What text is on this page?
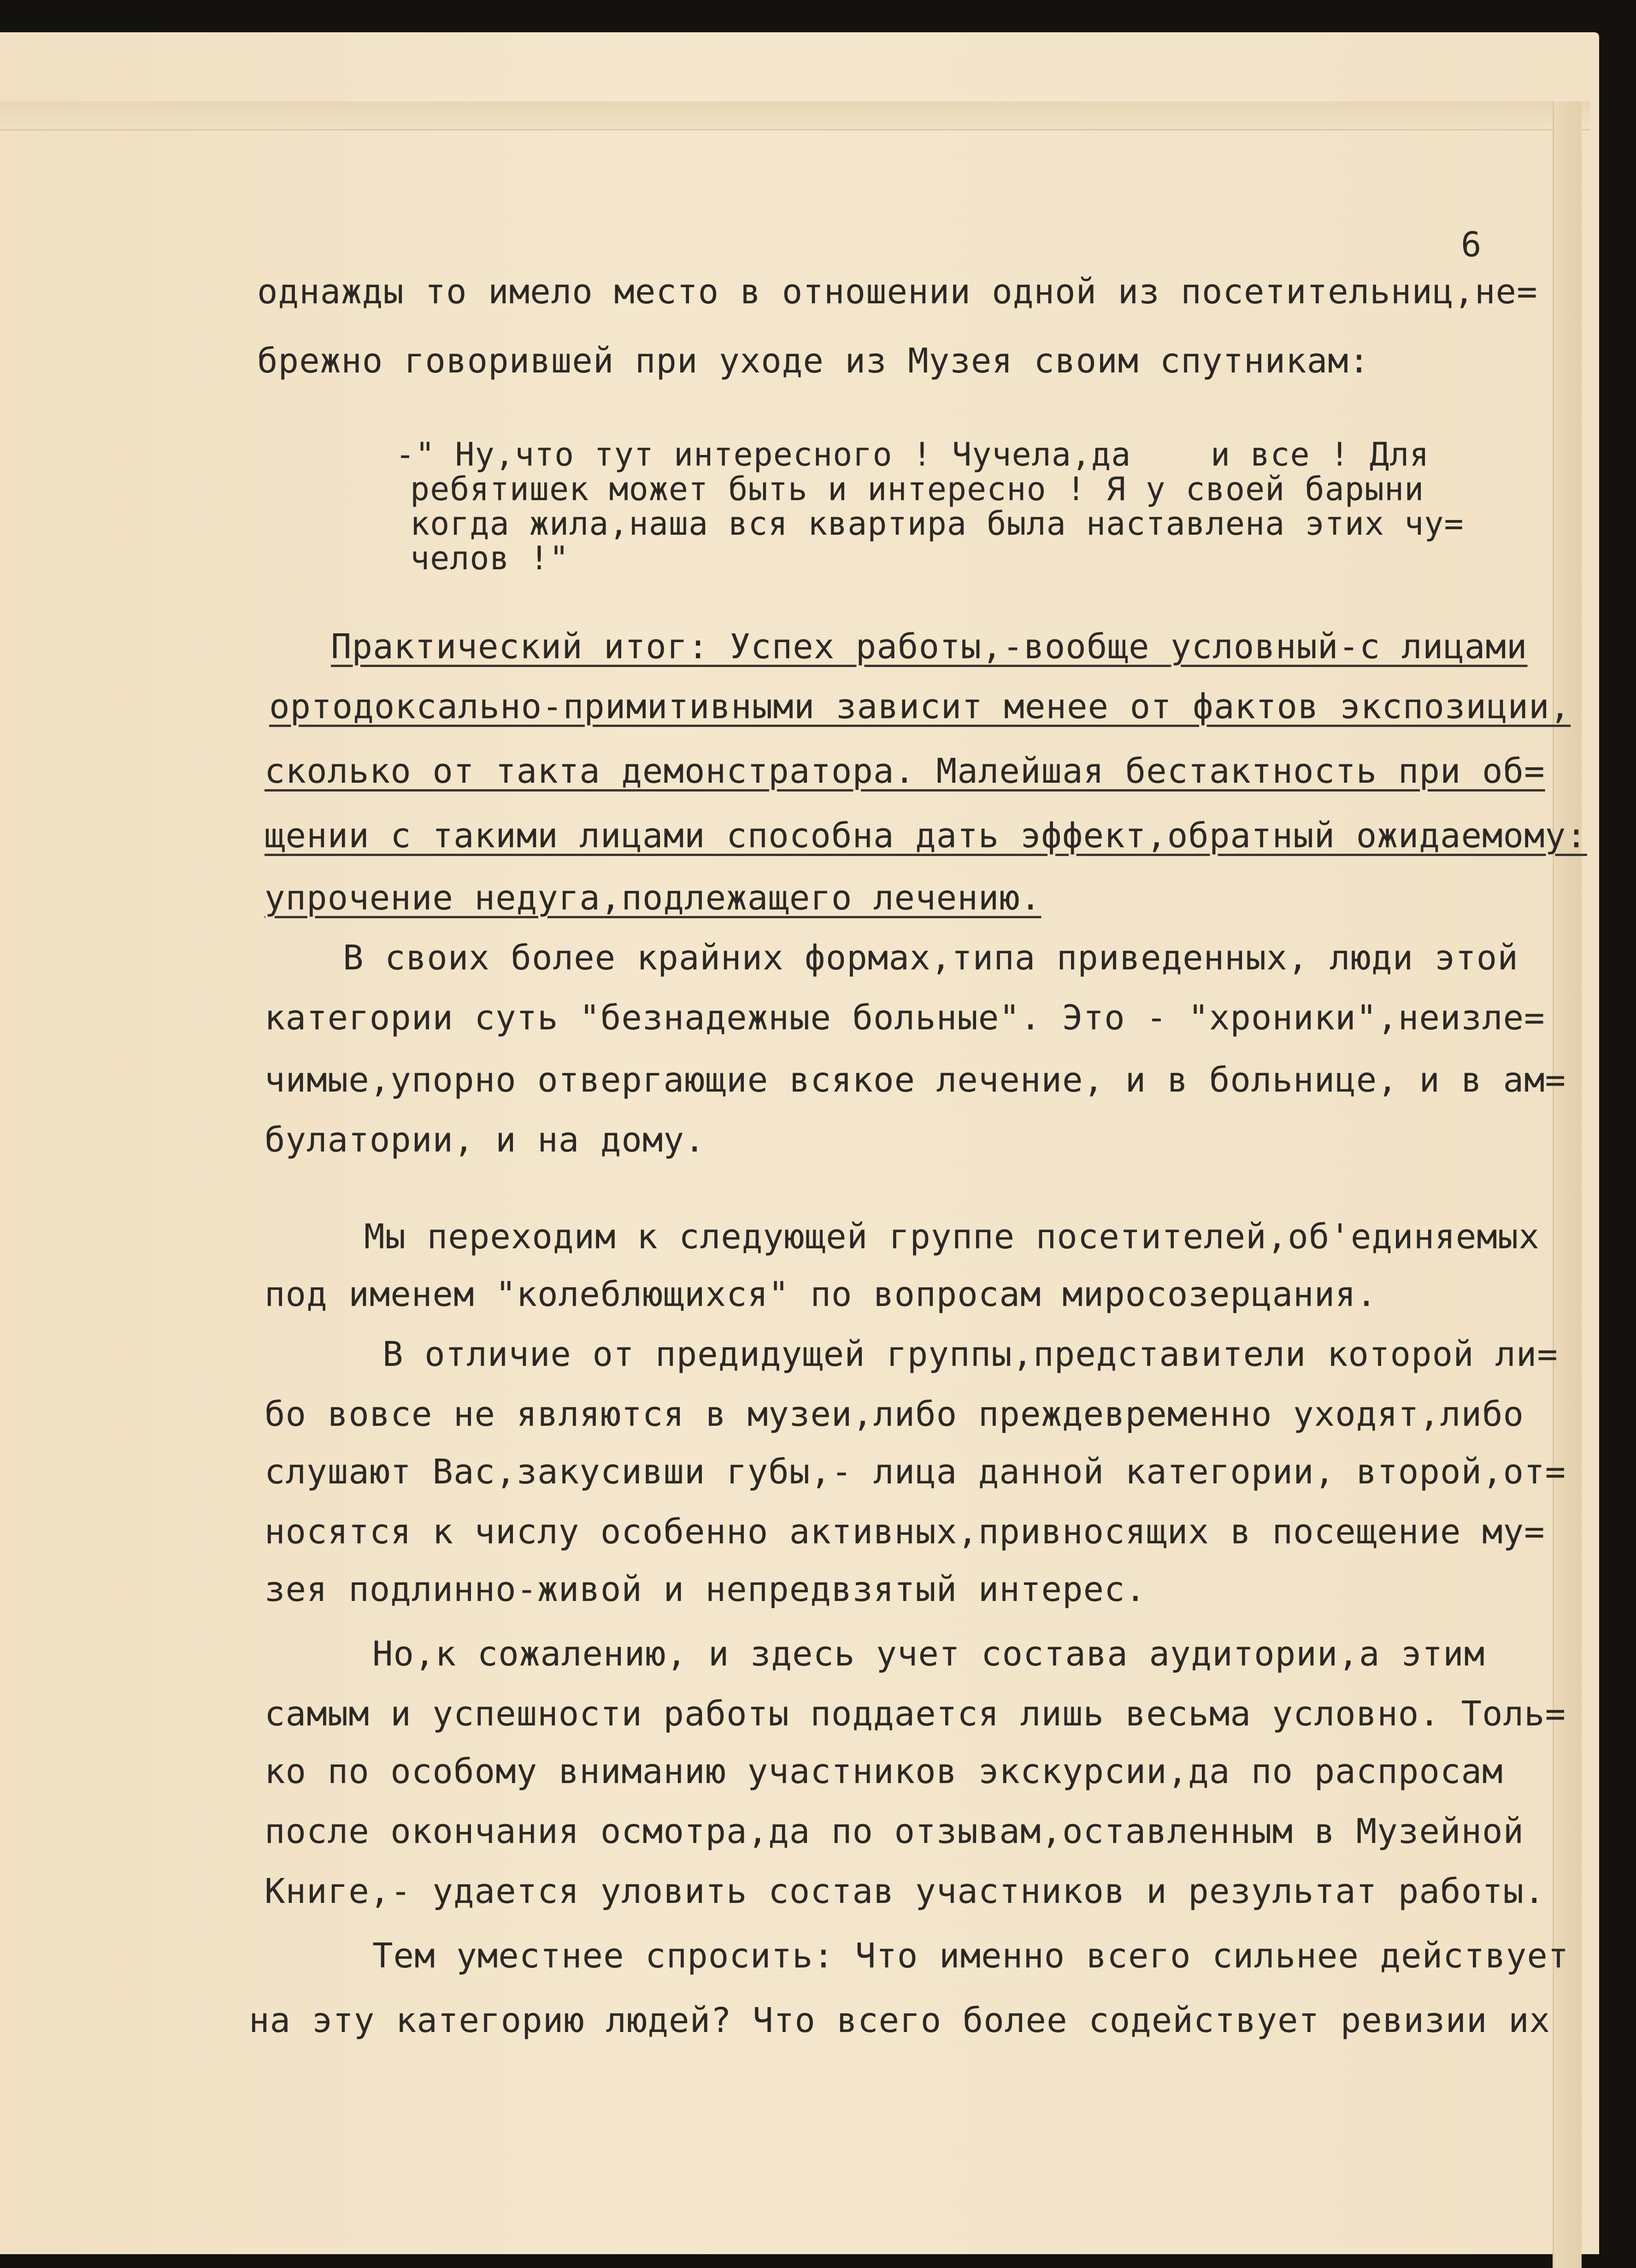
6
однажды то имело место в отношении одной из посетительниц,не=
брежно говорившей при уходе из Музея своим спутникам:
-" Ну,что тут интересного ! Чучела,да    и все ! Для
ребятишек может быть и интересно ! Я у своей барыни
когда жила,наша вся квартира была наставлена этих чу=
челов !"
Практический итог: Успех работы,-вообще условный-с лицами
ортодоксально-примитивными зависит менее от фактов экспозиции,
сколько от такта демонстратора. Малейшая бестактность при об=
щении с такими лицами способна дать эффект,обратный ожидаемому:
упрочение недуга,подлежащего лечению.
В своих более крайних формах,типа приведенных, люди этой
категории суть "безнадежные больные". Это - "хроники",неизле=
чимые,упорно отвергающие всякое лечение, и в больнице, и в ам=
булатории, и на дому.
Мы переходим к следующей группе посетителей,об'единяемых
под именем "колеблющихся" по вопросам миросозерцания.
В отличие от предидущей группы,представители которой ли=
бо вовсе не являются в музеи,либо преждевременно уходят,либо
слушают Вас,закусивши губы,- лица данной категории, второй,от=
носятся к числу особенно активных,привносящих в посещение му=
зея подлинно-живой и непредвзятый интерес.
Но,к сожалению, и здесь учет состава аудитории,а этим
самым и успешности работы поддается лишь весьма условно. Толь=
ко по особому вниманию участников экскурсии,да по распросам
после окончания осмотра,да по отзывам,оставленным в Музейной
Книге,- удается уловить состав участников и результат работы.
Тем уместнее спросить: Что именно всего сильнее действует
на эту категорию людей? Что всего более содействует ревизии их
